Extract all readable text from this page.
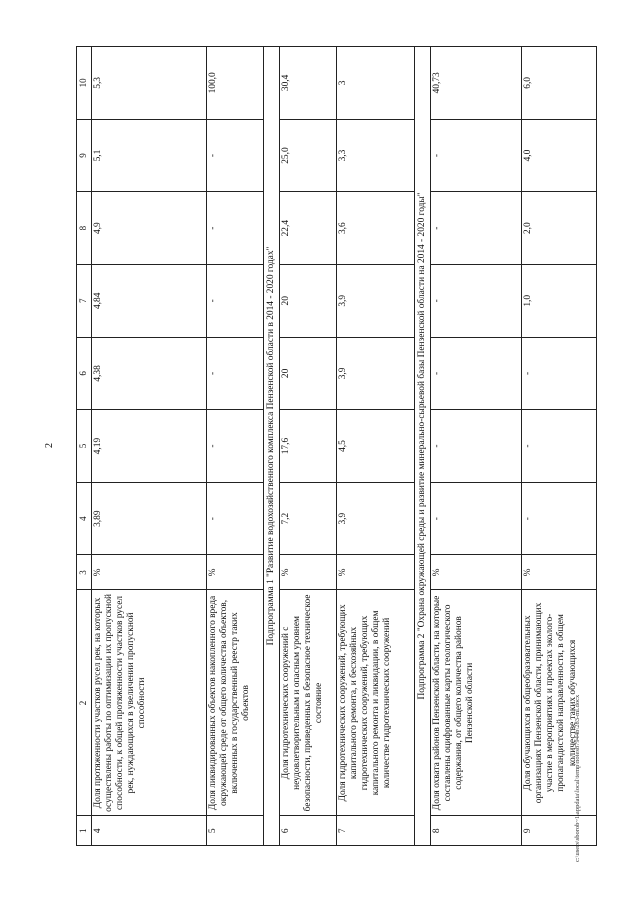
2
1	2	3	4	5	6	7	8	9	10
4	Доля протяженности участков русел рек, на которых осуществлены работы по оптимизации их пропускной способности, к общей протяженности участков русел рек, нуждающихся в увеличении пропускной способности	%	3,89	4,19	4,38	4,84	4,9	5,1	5,3
5	Доля ликвидированных объектов накопленного вреда окружающей среде от общего количества объектов, включенных в государственный реестр таких объектов	%	-	-	-	-	-	-	100,0
Подпрограмма 1 "Развитие водохозяйственного комплекса Пензенской области в 2014 - 2020 годах"									
6	Доля гидротехнических сооружений с неудовлетворительным и опасным уровнем безопасности, приведенных в безопасное техническое состояние	%	7,2	17,6	20	20	22,4	25,0	30,4
7	Доля гидротехнических сооружений, требующих капитального ремонта, и бесхозяйных гидротехнических сооружений, требующих капитального ремонта и ликвидации, в общем количестве гидротехнических сооружений	%	3,9	4,5	3,9	3,9	3,6	3,3	3
Подпрограмма 2 "Охрана окружающей среды и развитие минерально-сырьевой базы Пензенской области на 2014 - 2020 годы"									
8	Доля охвата районов Пензенской области, на которые составлены оцифрованные карты геологического содержания, от общего количества районов Пензенской области	%	-	-	-	-	-	-	40,73
9	Доля обучающихся в общеобразовательных организациях Пензенской области, принимающих участие в мероприятиях и проектах эколого-пропагандистской направленности, в общем количестве таких обучающихся	%	-	-	-	1,0	2,0	4,0	6,0
c:\users\sborob~1\appdata\local\temp\notes87944b\283-ml.docx
